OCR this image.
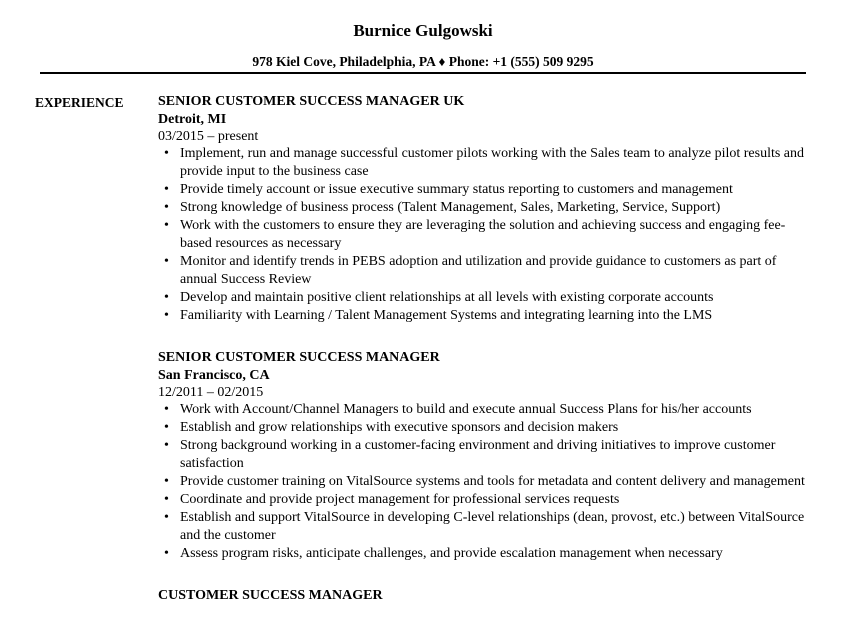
Burnice Gulgowski
978 Kiel Cove, Philadelphia, PA ♦ Phone: +1 (555) 509 9295
EXPERIENCE SENIOR CUSTOMER SUCCESS MANAGER UK
Detroit, MI
03/2015 – present
• Implement, run and manage successful customer pilots working with the Sales team to analyze pilot results and provide input to the business case
• Provide timely account or issue executive summary status reporting to customers and management
• Strong knowledge of business process (Talent Management, Sales, Marketing, Service, Support)
• Work with the customers to ensure they are leveraging the solution and achieving success and engaging fee-based resources as necessary
• Monitor and identify trends in PEBS adoption and utilization and provide guidance to customers as part of annual Success Review
• Develop and maintain positive client relationships at all levels with existing corporate accounts
• Familiarity with Learning / Talent Management Systems and integrating learning into the LMS
SENIOR CUSTOMER SUCCESS MANAGER
San Francisco, CA
12/2011 – 02/2015
• Work with Account/Channel Managers to build and execute annual Success Plans for his/her accounts
• Establish and grow relationships with executive sponsors and decision makers
• Strong background working in a customer-facing environment and driving initiatives to improve customer satisfaction
• Provide customer training on VitalSource systems and tools for metadata and content delivery and management
• Coordinate and provide project management for professional services requests
• Establish and support VitalSource in developing C-level relationships (dean, provost, etc.) between VitalSource and the customer
• Assess program risks, anticipate challenges, and provide escalation management when necessary
CUSTOMER SUCCESS MANAGER
